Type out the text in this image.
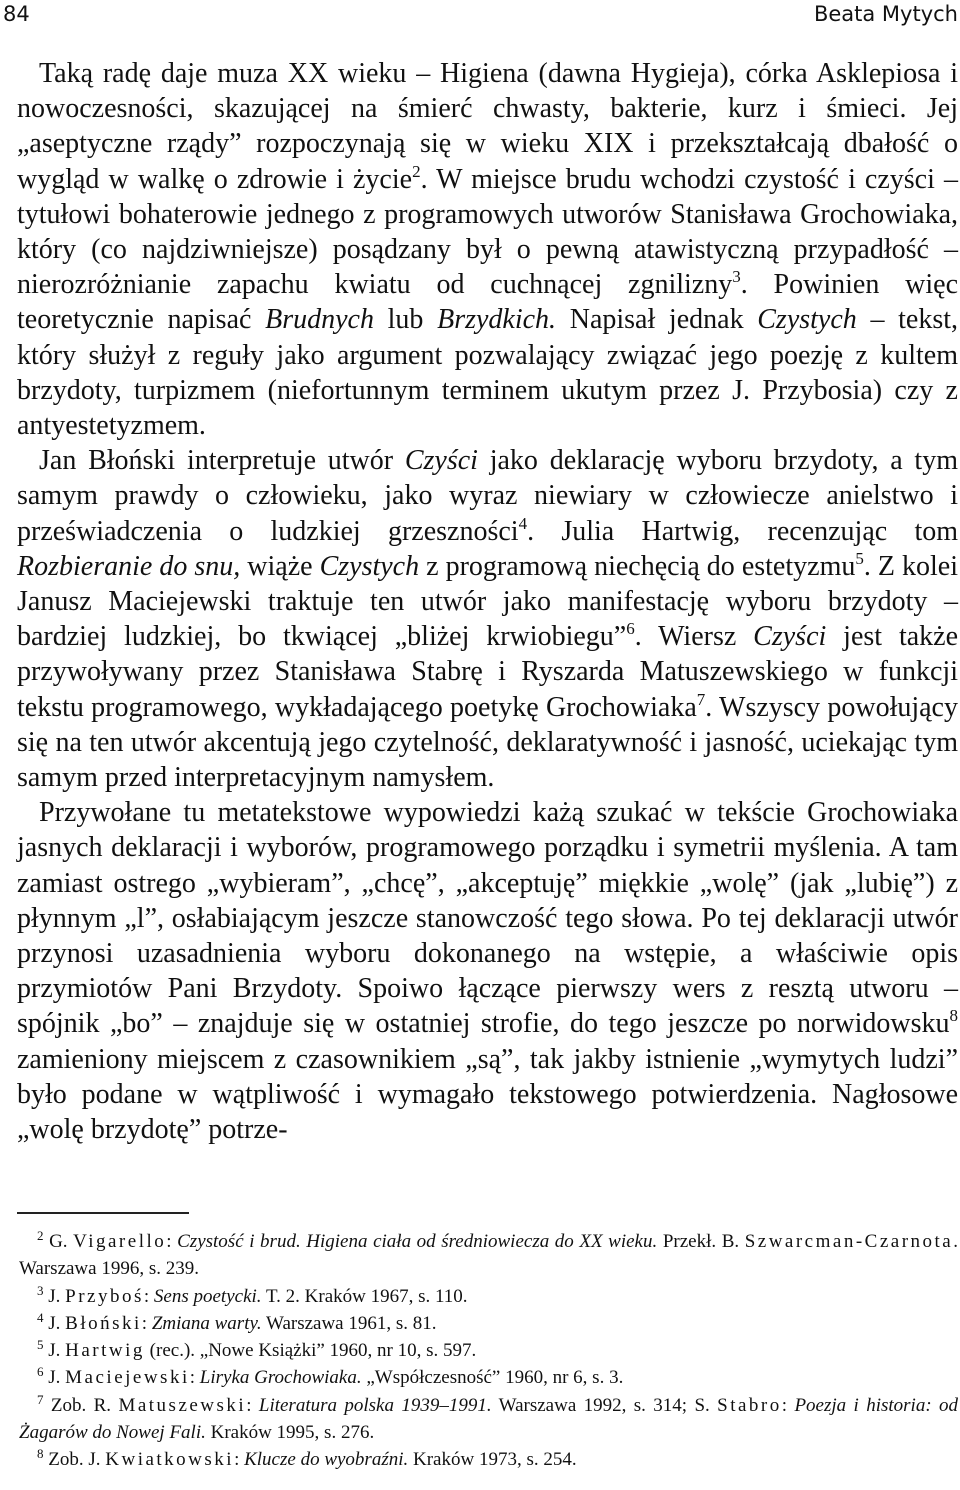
84	Beata Mytych

Taką radę daje muza XX wieku – Higiena (dawna Hygieja), córka Asklepiosa i nowoczesności, skazującej na śmierć chwasty, bakterie, kurz i śmieci. Jej „aseptyczne rządy” rozpoczynają się w wieku XIX i przekształcają dbałość o wygląd w walkę o zdrowie i życie$^2$. W miejsce brudu wchodzi czystość i czyści – tytułowi bohaterowie jednego z programowych utworów Stanisława Grochowiaka, który (co najdziwniejsze) posądzany był o pewną atawistyczną przypadłość – nierozróżnianie zapachu kwiatu od cuchnącej zgnilizny$^3$. Powinien więc teoretycznie napisać Brudnych lub Brzydkich. Napisał jednak Czystych – tekst, który służył z reguły jako argument pozwalający związać jego poezję z kultem brzydoty, turpizmem (niefortunnym terminem ukutym przez J. Przybosia) czy z antyestetyzmem.

Jan Błoński interpretuje utwór Czyści jako deklarację wyboru brzydoty, a tym samym prawdy o człowieku, jako wyraz niewiary w człowiecze anielstwo i przeświadczenia o ludzkiej grzeszności$^4$. Julia Hartwig, recenzując tom Rozbieranie do snu, wiąże Czystych z programową niechęcią do estetyzmu$^5$. Z kolei Janusz Maciejewski traktuje ten utwór jako manifestację wyboru brzydoty – bardziej ludzkiej, bo tkwiącej „bliżej krwiobiegu”$^6$. Wiersz Czyści jest także przywoływany przez Stanisława Stabrę i Ryszarda Matuszewskiego w funkcji tekstu programowego, wykładającego poetykę Grochowiaka$^7$. Wszyscy powołujący się na ten utwór akcentują jego czytelność, deklaratywność i jasność, uciekając tym samym przed interpretacyjnym namysłem.

Przywołane tu metatekstowe wypowiedzi każą szukać w tekście Grochowiaka jasnych deklaracji i wyborów, programowego porządku i symetrii myślenia. A tam zamiast ostrego „wybieram”, „chcę”, „akceptuję” miękkie „wolę” (jak „lubię”) z płynnym „l”, osłabiającym jeszcze stanowczość tego słowa. Po tej deklaracji utwór przynosi uzasadnienia wyboru dokonanego na wstępie, a właściwie opis przymiotów Pani Brzydoty. Spoiwo łączące pierwszy wers z resztą utworu – spójnik „bo” – znajduje się w ostatniej strofie, do tego jeszcze po norwidowsku$^8$ zamieniony miejscem z czasownikiem „są”, tak jakby istnienie „wymytych ludzi” było podane w wątpliwość i wymagało tekstowego potwierdzenia. Nagłosowe „wolę brzydotę” potrze-

$^2$ G. Vigarello: Czystość i brud. Higiena ciała od średniowiecza do XX wieku. Przekł. B. Szwarcman-Czarnota. Warszawa 1996, s. 239.

$^3$ J. Przyboś: Sens poetycki. T. 2. Kraków 1967, s. 110.

$^4$ J. Błoński: Zmiana warty. Warszawa 1961, s. 81.

$^5$ J. Hartwig (rec.). „Nowe Książki” 1960, nr 10, s. 597.

$^6$ J. Maciejewski: Liryka Grochowiaka. „Współczesność” 1960, nr 6, s. 3.

$^7$ Zob. R. Matuszewski: Literatura polska 1939–1991. Warszawa 1992, s. 314; S. Stabro: Poezja i historia: od Żagarów do Nowej Fali. Kraków 1995, s. 276.

$^8$ Zob. J. Kwiatkowski: Klucze do wyobraźni. Kraków 1973, s. 254.
